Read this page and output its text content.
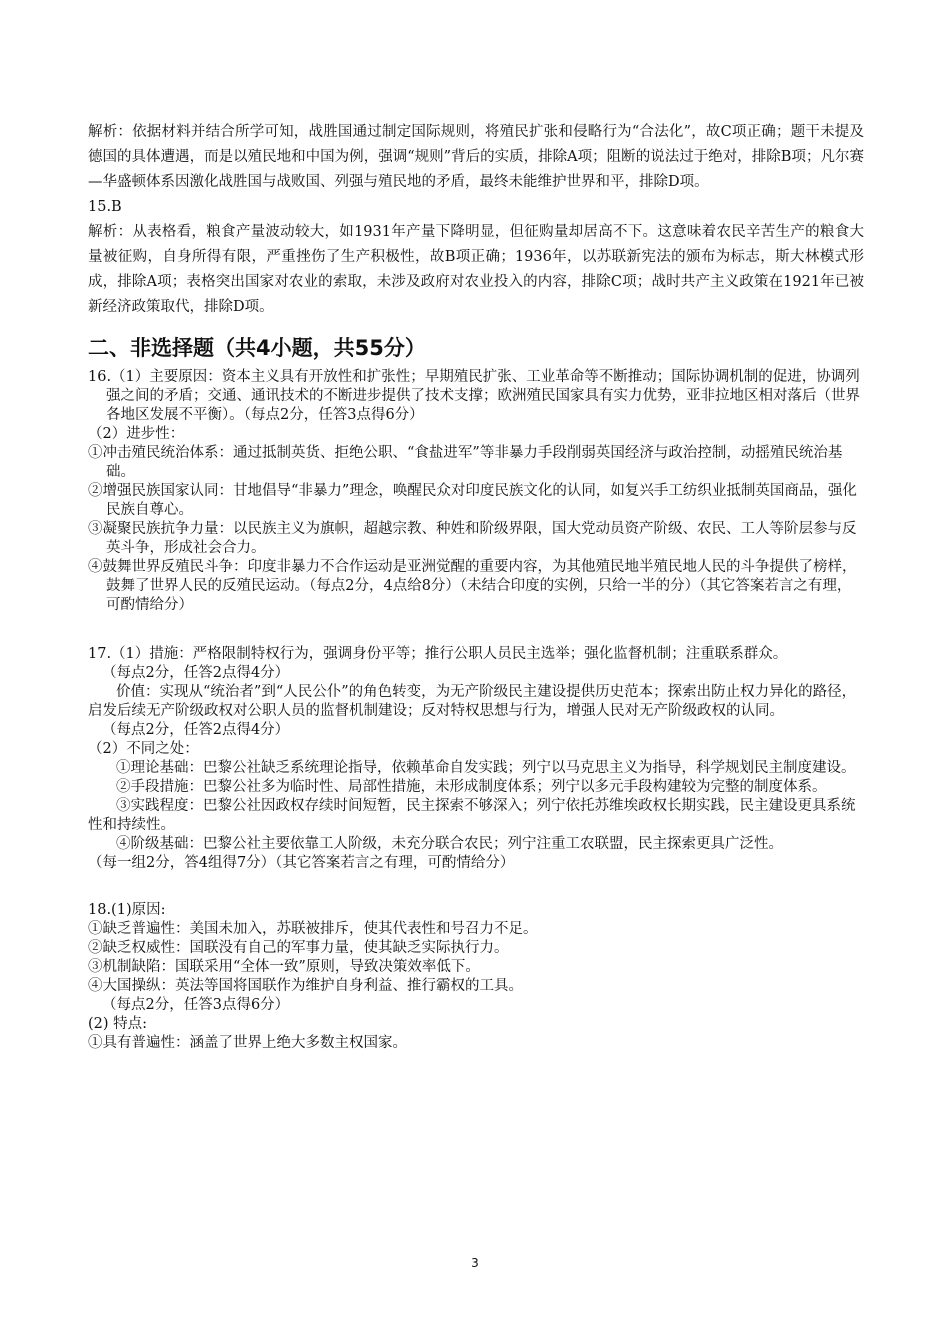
解析：依据材料并结合所学可知，战胜国通过制定国际规则，将殖民扩张和侵略行为“合法化”，故C项正确；题干未提及德国的具体遭遇，而是以殖民地和中国为例，强调“规则”背后的实质，排除A项；阻断的说法过于绝对，排除B项；凡尔赛—华盛顿体系因激化战胜国与战败国、列强与殖民地的矛盾，最终未能维护世界和平，排除D项。

15.B

解析：从表格看，粮食产量波动较大，如1931年产量下降明显，但征购量却居高不下。这意味着农民辛苦生产的粮食大量被征购，自身所得有限，严重挫伤了生产积极性，故B项正确；1936年，以苏联新宪法的颁布为标志，斯大林模式形成，排除A项；表格突出国家对农业的索取，未涉及政府对农业投入的内容，排除C项；战时共产主义政策在1921年已被新经济政策取代，排除D项。

二、非选择题（共4小题，共55分）

16.（1）主要原因：资本主义具有开放性和扩张性；早期殖民扩张、工业革命等不断推动；国际协调机制的促进，协调列强之间的矛盾；交通、通讯技术的不断进步提供了技术支撑；欧洲殖民国家具有实力优势，亚非拉地区相对落后（世界各地区发展不平衡）。（每点2分，任答3点得6分）

（2）进步性：

①冲击殖民统治体系：通过抵制英货、拒绝公职、“食盐进军”等非暴力手段削弱英国经济与政治控制，动摇殖民统治基础。

②增强民族国家认同：甘地倡导“非暴力”理念，唤醒民众对印度民族文化的认同，如复兴手工纺织业抵制英国商品，强化民族自尊心。

③凝聚民族抗争力量：以民族主义为旗帜，超越宗教、种姓和阶级界限，国大党动员资产阶级、农民、工人等阶层参与反英斗争，形成社会合力。

④鼓舞世界反殖民斗争：印度非暴力不合作运动是亚洲觉醒的重要内容，为其他殖民地半殖民地人民的斗争提供了榜样，鼓舞了世界人民的反殖民运动。（每点2分，4点给8分）（未结合印度的实例，只给一半的分）（其它答案若言之有理，可酌情给分）

17.（1）措施：严格限制特权行为，强调身份平等；推行公职人员民主选举；强化监督机制；注重联系群众。

（每点2分，任答2点得4分）

价值：实现从“统治者”到“人民公仆”的角色转变，为无产阶级民主建设提供历史范本；探索出防止权力异化的路径，启发后续无产阶级政权对公职人员的监督机制建设；反对特权思想与行为，增强人民对无产阶级政权的认同。

（每点2分，任答2点得4分）

（2）不同之处：

①理论基础：巴黎公社缺乏系统理论指导，依赖革命自发实践；列宁以马克思主义为指导，科学规划民主制度建设。

②手段措施：巴黎公社多为临时性、局部性措施，未形成制度体系；列宁以多元手段构建较为完整的制度体系。

③实践程度：巴黎公社因政权存续时间短暂，民主探索不够深入；列宁依托苏维埃政权长期实践，民主建设更具系统性和持续性。

④阶级基础：巴黎公社主要依靠工人阶级，未充分联合农民；列宁注重工农联盟，民主探索更具广泛性。

（每一组2分，答4组得7分）（其它答案若言之有理，可酌情给分）

18.(1)原因:

①缺乏普遍性：美国未加入，苏联被排斥，使其代表性和号召力不足。

②缺乏权威性：国联没有自己的军事力量，使其缺乏实际执行力。

③机制缺陷：国联采用“全体一致”原则，导致决策效率低下。

④大国操纵：英法等国将国联作为维护自身利益、推行霸权的工具。

（每点2分，任答3点得6分）

(2) 特点:

①具有普遍性：涵盖了世界上绝大多数主权国家。

3
